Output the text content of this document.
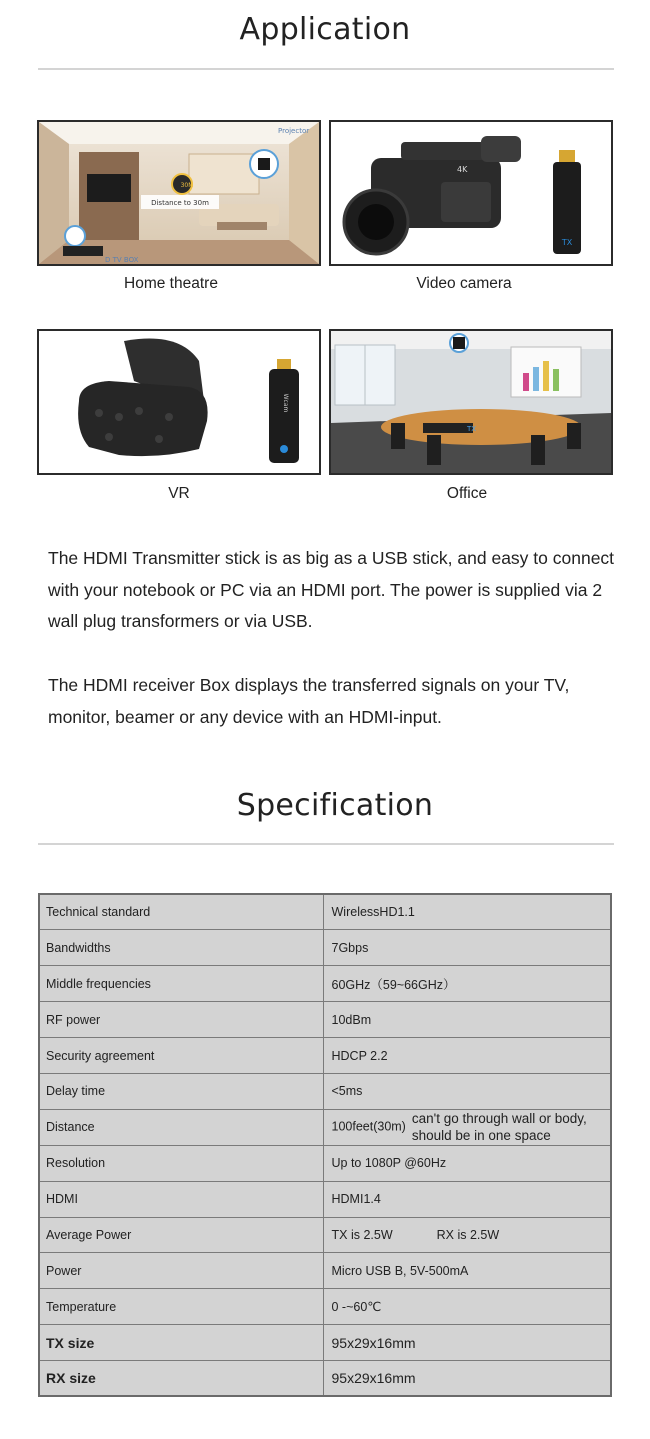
Application
30M
Distance to 30m
Projector
D TV BOX
Home theatre
4K
TX
Video camera
Wcam
VR
TX
Office
The HDMI Transmitter stick is as big as a USB stick, and easy to connect with your notebook or PC via an HDMI port. The power is supplied via 2 wall plug transformers or via USB.
The HDMI receiver Box displays the transferred signals on your TV, monitor, beamer or any device with an HDMI-input.
Specification
Technical standard	WirelessHD1.1
Bandwidths	7Gbps
Middle frequencies	60GHz（59~66GHz）
RF power	10dBm
Security agreement	HDCP 2.2
Delay time	<5ms
Distance	100feet(30m)can't go through wall or body,
should be in one space
Resolution	Up to 1080P @60Hz
HDMI	HDMI1.4
Average Power	TX is 2.5W RX is 2.5W
Power	Micro USB B, 5V-500mA
Temperature	0 -~60℃
TX size	95x29x16mm
RX size	95x29x16mm
